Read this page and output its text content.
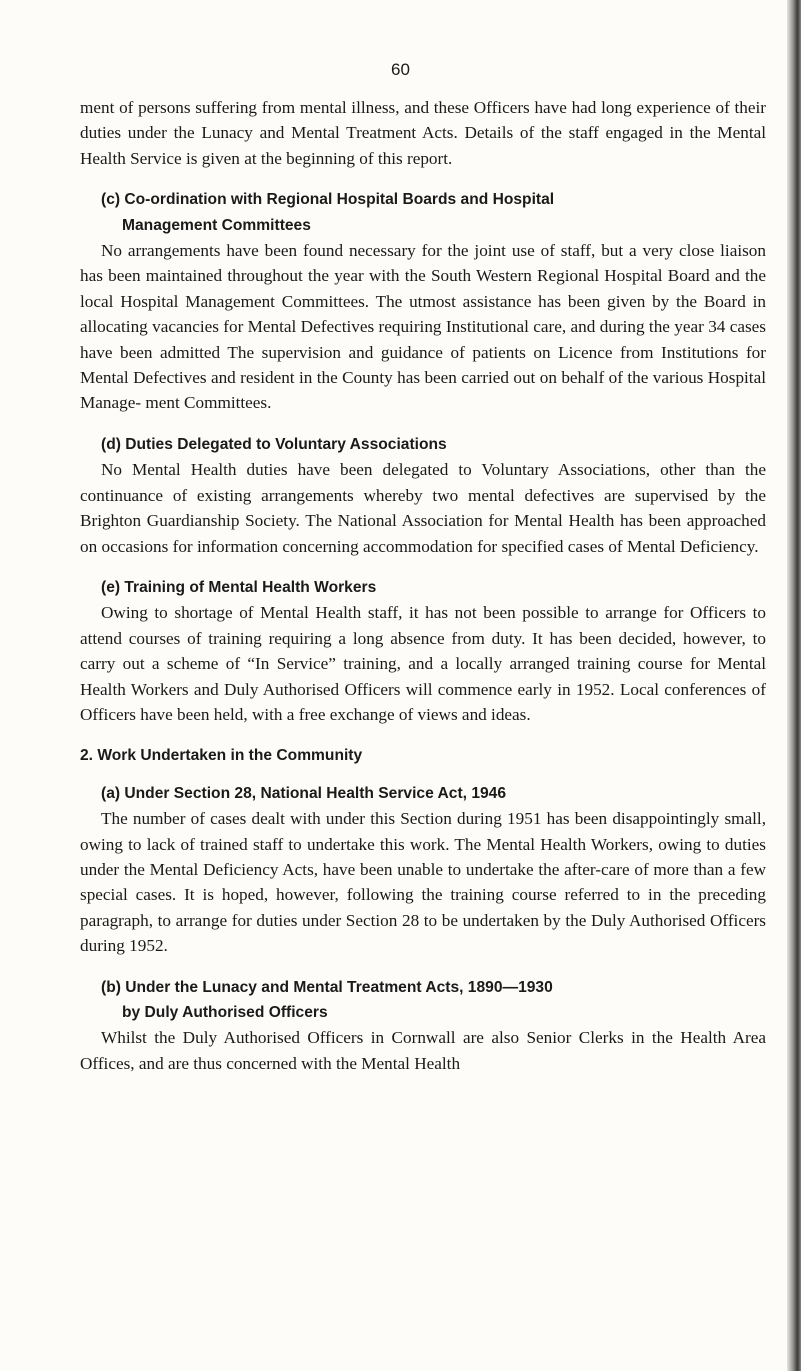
60

ment of persons suffering from mental illness, and these Officers have had long experience of their duties under the Lunacy and Mental Treatment Acts. Details of the staff engaged in the Mental Health Service is given at the beginning of this report.

(c) Co-ordination with Regional Hospital Boards and Hospital
Management Committees

No arrangements have been found necessary for the joint use of staff, but a very close liaison has been maintained throughout the year with the South Western Regional Hospital Board and the local Hospital Management Committees. The utmost assistance has been given by the Board in allocating vacancies for Mental Defectives requiring Institutional care, and during the year 34 cases have been admitted The supervision and guidance of patients on Licence from Institutions for Mental Defectives and resident in the County has been carried out on behalf of the various Hospital Manage- ment Committees.

(d) Duties Delegated to Voluntary Associations

No Mental Health duties have been delegated to Voluntary Associations, other than the continuance of existing arrangements whereby two mental defectives are supervised by the Brighton Guardianship Society. The National Association for Mental Health has been approached on occasions for information concerning accommodation for specified cases of Mental Deficiency.

(e) Training of Mental Health Workers

Owing to shortage of Mental Health staff, it has not been possible to arrange for Officers to attend courses of training requiring a long absence from duty. It has been decided, however, to carry out a scheme of “In Service” training, and a locally arranged training course for Mental Health Workers and Duly Authorised Officers will commence early in 1952. Local conferences of Officers have been held, with a free exchange of views and ideas.

2. Work Undertaken in the Community

(a) Under Section 28, National Health Service Act, 1946

The number of cases dealt with under this Section during 1951 has been disappointingly small, owing to lack of trained staff to undertake this work. The Mental Health Workers, owing to duties under the Mental Deficiency Acts, have been unable to undertake the after-care of more than a few special cases. It is hoped, however, following the training course referred to in the preceding paragraph, to arrange for duties under Section 28 to be undertaken by the Duly Authorised Officers during 1952.

(b) Under the Lunacy and Mental Treatment Acts, 1890—1930
by Duly Authorised Officers

Whilst the Duly Authorised Officers in Cornwall are also Senior Clerks in the Health Area Offices, and are thus concerned with the Mental Health
